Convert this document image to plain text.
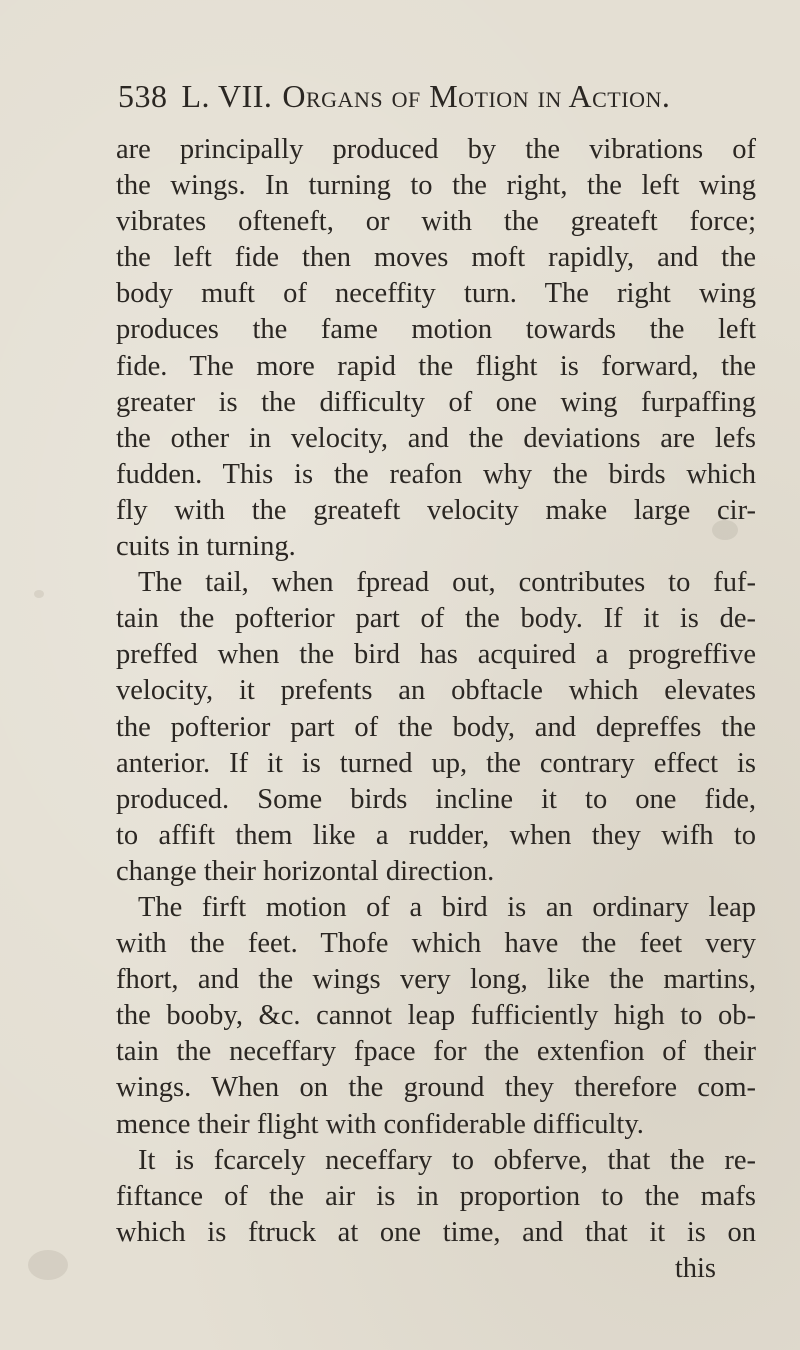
538 L. VII. Organs of Motion in Action.
are principally produced by the vibrations of
the wings. In turning to the right, the left wing
vibrates ofteneft, or with the greateft force;
the left fide then moves moft rapidly, and the
body muft of neceffity turn. The right wing
produces the fame motion towards the left
fide. The more rapid the flight is forward, the
greater is the difficulty of one wing furpaffing
the other in velocity, and the deviations are lefs
fudden. This is the reafon why the birds which
fly with the greateft velocity make large cir-
cuits in turning.
The tail, when fpread out, contributes to fuf-
tain the pofterior part of the body. If it is de-
preffed when the bird has acquired a progreffive
velocity, it prefents an obftacle which elevates
the pofterior part of the body, and depreffes the
anterior. If it is turned up, the contrary effect is
produced. Some birds incline it to one fide,
to affift them like a rudder, when they wifh to
change their horizontal direction.
The firft motion of a bird is an ordinary leap
with the feet. Thofe which have the feet very
fhort, and the wings very long, like the martins,
the booby, &c. cannot leap fufficiently high to ob-
tain the neceffary fpace for the extenfion of their
wings. When on the ground they therefore com-
mence their flight with confiderable difficulty.
It is fcarcely neceffary to obferve, that the re-
fiftance of the air is in proportion to the mafs
which is ftruck at one time, and that it is on
this
